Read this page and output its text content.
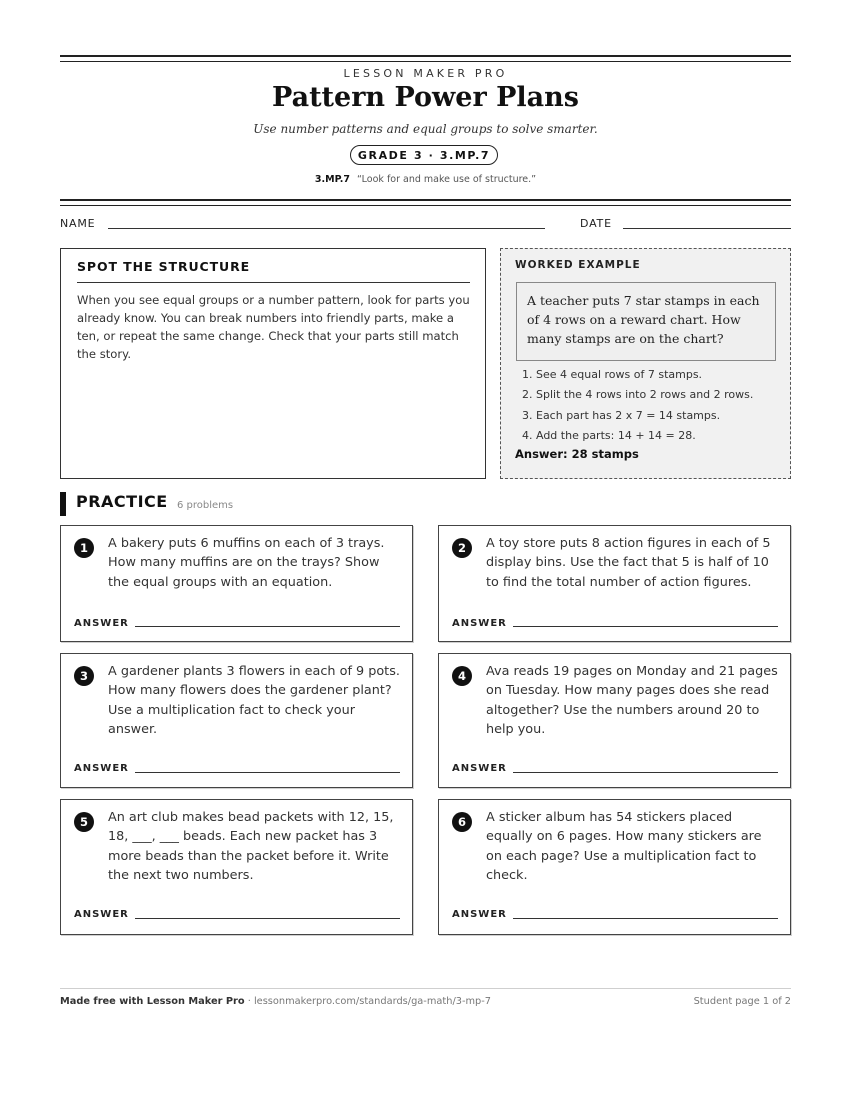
LESSON MAKER PRO
Pattern Power Plans
Use number patterns and equal groups to solve smarter.
GRADE 3 · 3.MP.7
3.MP.7 “Look for and make use of structure.”
NAME	DATE
SPOT THE STRUCTURE
When you see equal groups or a number pattern, look for parts you already know. You can break numbers into friendly parts, make a ten, or repeat the same change. Check that your parts still match the story.
WORKED EXAMPLE
A teacher puts 7 star stamps in each of 4 rows on a reward chart. How many stamps are on the chart?
1. See 4 equal rows of 7 stamps.
2. Split the 4 rows into 2 rows and 2 rows.
3. Each part has 2 x 7 = 14 stamps.
4. Add the parts: 14 + 14 = 28.
Answer: 28 stamps
PRACTICE 6 problems
1	A bakery puts 6 muffins on each of 3 trays. How many muffins are on the trays? Show the equal groups with an equation.
ANSWER
2	A toy store puts 8 action figures in each of 5 display bins. Use the fact that 5 is half of 10 to find the total number of action figures.
ANSWER
3	A gardener plants 3 flowers in each of 9 pots. How many flowers does the gardener plant? Use a multiplication fact to check your answer.
ANSWER
4	Ava reads 19 pages on Monday and 21 pages on Tuesday. How many pages does she read altogether? Use the numbers around 20 to help you.
ANSWER
5	An art club makes bead packets with 12, 15, 18, ___, ___ beads. Each new packet has 3 more beads than the packet before it. Write the next two numbers.
ANSWER
6	A sticker album has 54 stickers placed equally on 6 pages. How many stickers are on each page? Use a multiplication fact to check.
ANSWER
Made free with Lesson Maker Pro · lessonmakerpro.com/standards/ga-math/3-mp-7	Student page 1 of 2
